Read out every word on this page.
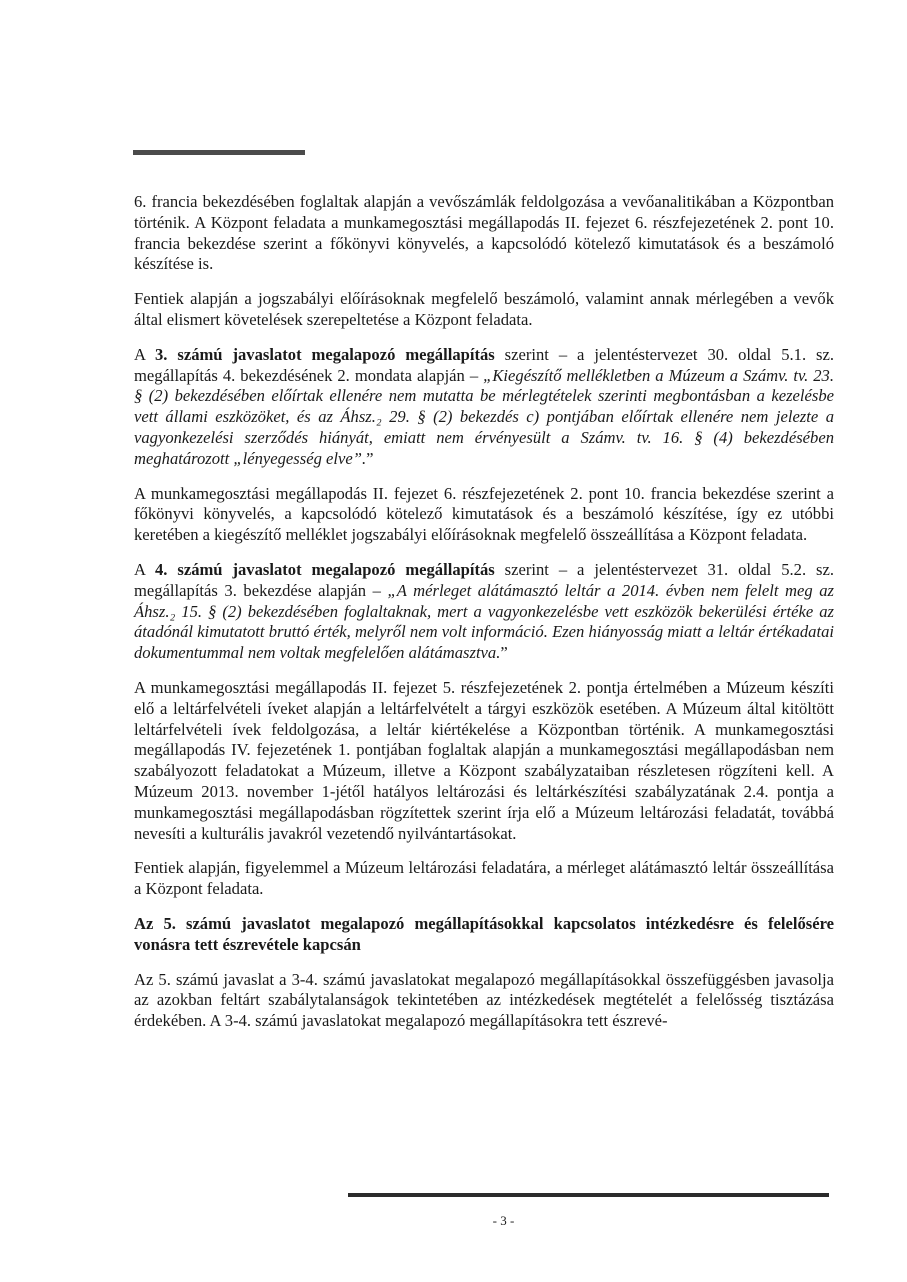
6. francia bekezdésében foglaltak alapján a vevőszámlák feldolgozása a vevőanalitikában a Központban történik. A Központ feladata a munkamegosztási megállapodás II. fejezet 6. részfejezetének 2. pont 10. francia bekezdése szerint a főkönyvi könyvelés, a kapcsolódó kötelező kimutatások és a beszámoló készítése is.

Fentiek alapján a jogszabályi előírásoknak megfelelő beszámoló, valamint annak mérlegében a vevők által elismert követelések szerepeltetése a Központ feladata.

A 3. számú javaslatot megalapozó megállapítás szerint – a jelentéstervezet 30. oldal 5.1. sz. megállapítás 4. bekezdésének 2. mondata alapján – „Kiegészítő mellékletben a Múzeum a Számv. tv. 23. § (2) bekezdésében előírtak ellenére nem mutatta be mérlegtételek szerinti megbontásban a kezelésbe vett állami eszközöket, és az Áhsz.₂ 29. § (2) bekezdés c) pontjában előírtak ellenére nem jelezte a vagyonkezelési szerződés hiányát, emiatt nem érvényesült a Számv. tv. 16. § (4) bekezdésében meghatározott „lényegesség elve”.”

A munkamegosztási megállapodás II. fejezet 6. részfejezetének 2. pont 10. francia bekezdése szerint a főkönyvi könyvelés, a kapcsolódó kötelező kimutatások és a beszámoló készítése, így ez utóbbi keretében a kiegészítő melléklet jogszabályi előírásoknak megfelelő összeállítása a Központ feladata.

A 4. számú javaslatot megalapozó megállapítás szerint – a jelentéstervezet 31. oldal 5.2. sz. megállapítás 3. bekezdése alapján – „A mérleget alátámasztó leltár a 2014. évben nem felelt meg az Áhsz.₂ 15. § (2) bekezdésében foglaltaknak, mert a vagyonkezelésbe vett eszközök bekerülési értéke az átadónál kimutatott bruttó érték, melyről nem volt információ. Ezen hiányosság miatt a leltár értékadatai dokumentummal nem voltak megfelelően alátámasztva.”

A munkamegosztási megállapodás II. fejezet 5. részfejezetének 2. pontja értelmében a Múzeum készíti elő a leltárfelvételi íveket alapján a leltárfelvételt a tárgyi eszközök esetében. A Múzeum által kitöltött leltárfelvételi ívek feldolgozása, a leltár kiértékelése a Központban történik. A munkamegosztási megállapodás IV. fejezetének 1. pontjában foglaltak alapján a munkamegosztási megállapodásban nem szabályozott feladatokat a Múzeum, illetve a Központ szabályzataiban részletesen rögzíteni kell. A Múzeum 2013. november 1-jétől hatályos leltározási és leltárkészítési szabályzatának 2.4. pontja a munkamegosztási megállapodásban rögzítettek szerint írja elő a Múzeum leltározási feladatát, továbbá nevesíti a kulturális javakról vezetendő nyilvántartásokat.

Fentiek alapján, figyelemmel a Múzeum leltározási feladatára, a mérleget alátámasztó leltár összeállítása a Központ feladata.

Az 5. számú javaslatot megalapozó megállapításokkal kapcsolatos intézkedésre és felelősére vonásra tett észrevétele kapcsán

Az 5. számú javaslat a 3-4. számú javaslatokat megalapozó megállapításokkal összefüggésben javasolja az azokban feltárt szabálytalanságok tekintetében az intézkedések megtételét a felelősség tisztázása érdekében. A 3-4. számú javaslatokat megalapozó megállapításokra tett észrevé-

- 3 -
